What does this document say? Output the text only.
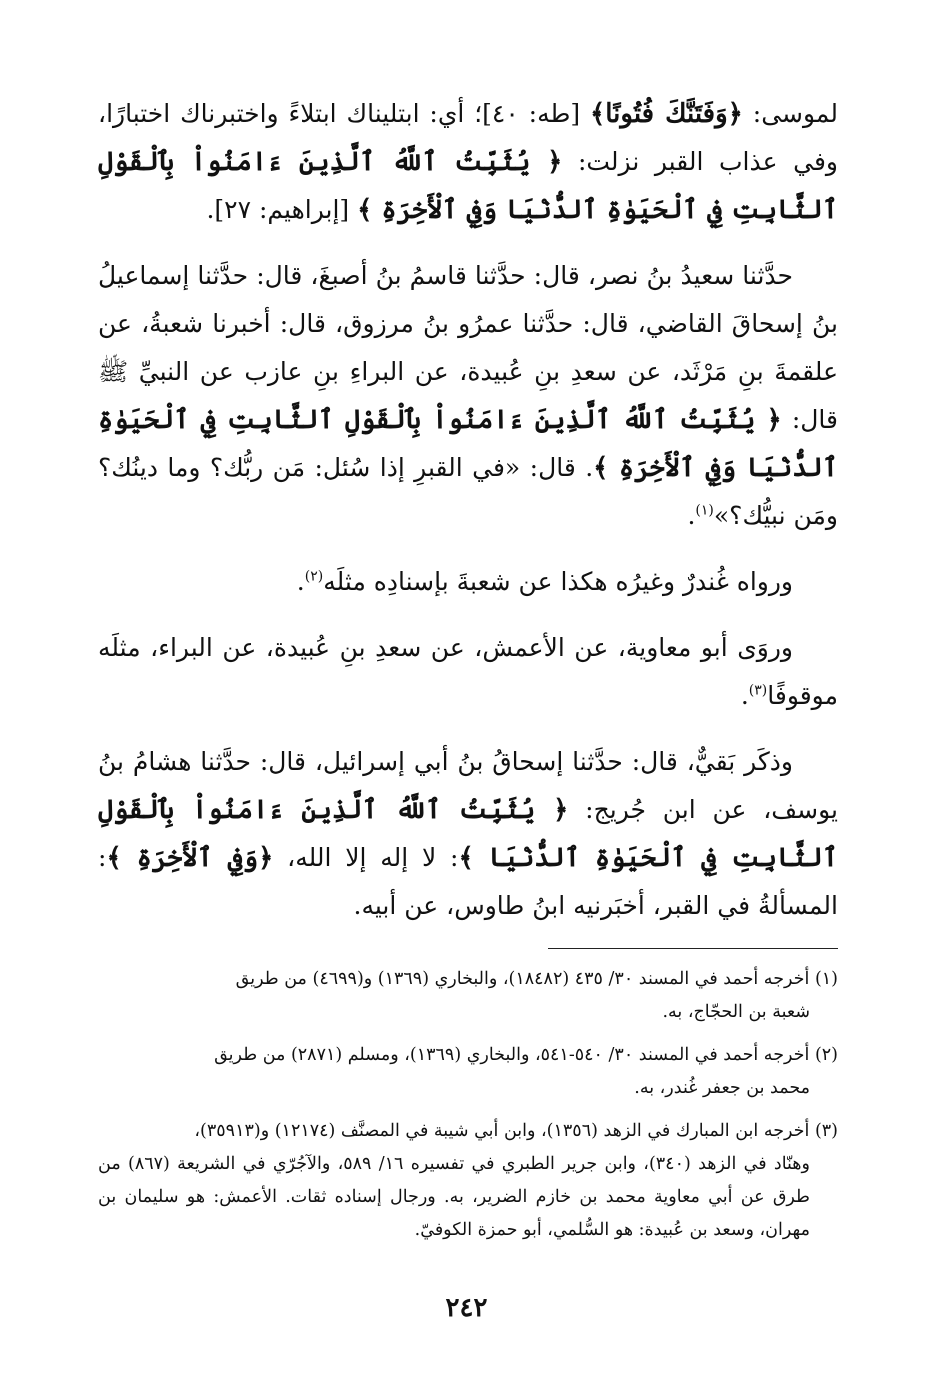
لموسى: ﴿وَفَتَنَّكَ فُتُونًا﴾ [طه: ٤٠]؛ أي: ابتليناك ابتلاءً واختبرناك اختبارًا، وفي عذاب القبر نزلت: ﴿ يُثَبِّتُ ٱللَّهُ ٱلَّذِينَ ءَامَنُواْ بِٱلْقَوْلِ ٱلثَّابِتِ فِي ٱلْحَيَوٰةِ ٱلدُّنْيَا وَفِي ٱلْأَخِرَةِ ﴾ [إبراهيم: ٢٧].

حدَّثنا سعيدُ بنُ نصر، قال: حدَّثنا قاسمُ بنُ أصبغَ، قال: حدَّثنا إسماعيلُ بنُ إسحاقَ القاضي، قال: حدَّثنا عمرُو بنُ مرزوق، قال: أخبرنا شعبةُ، عن علقمةَ بنِ مَرْثَد، عن سعدِ بنِ عُبيدة، عن البراءِ بنِ عازب عن النبيِّ ﷺ قال: ﴿ يُثَبِّتُ ٱللَّهُ ٱلَّذِينَ ءَامَنُواْ بِٱلْقَوْلِ ٱلثَّابِتِ فِي ٱلْحَيَوٰةِ ٱلدُّنْيَا وَفِي ٱلْأَخِرَةِ ﴾. قال: «في القبرِ إذا سُئل: مَن ربُّك؟ وما دينُك؟ ومَن نبيُّك؟»$^{(١)}$.

ورواه غُندرٌ وغيرُه هكذا عن شعبةَ بإسنادِه مثلَه$^{(٢)}$.

وروَى أبو معاوية، عن الأعمش، عن سعدِ بنِ عُبيدة، عن البراء، مثلَه موقوفًا$^{(٣)}$.

وذكَر بَقيٌّ، قال: حدَّثنا إسحاقُ بنُ أبي إسرائيل، قال: حدَّثنا هشامُ بنُ يوسف، عن ابن جُريج: ﴿ يُثَبِّتُ ٱللَّهُ ٱلَّذِينَ ءَامَنُواْ بِٱلْقَوْلِ ٱلثَّابِتِ فِي ٱلْحَيَوٰةِ ٱلدُّنْيَا ﴾: لا إله إلا الله، ﴿وَفِي ٱلْأَخِرَةِ ﴾: المسألةُ في القبر، أخبَرنيه ابنُ طاوس، عن أبيه.

(١) أخرجه أحمد في المسند ٣٠/ ٤٣٥ (١٨٤٨٢)، والبخاري (١٣٦٩) و(٤٦٩٩) من طريق
شعبة بن الحجّاج، به.
(٢) أخرجه أحمد في المسند ٣٠/ ٥٤٠-٥٤١، والبخاري (١٣٦٩)، ومسلم (٢٨٧١) من طريق
محمد بن جعفر غُندر، به.
(٣) أخرجه ابن المبارك في الزهد (١٣٥٦)، وابن أبي شيبة في المصنَّف (١٢١٧٤) و(٣٥٩١٣)،
وهنّاد في الزهد (٣٤٠)، وابن جرير الطبري في تفسيره ١٦/ ٥٨٩، والآجُرّي في الشريعة (٨٦٧) من طرق عن أبي معاوية محمد بن خازم الضرير، به. ورجال إسناده ثقات. الأعمش: هو سليمان بن مهران، وسعد بن عُبيدة: هو السُّلمي، أبو حمزة الكوفيّ.
٢٤٢
